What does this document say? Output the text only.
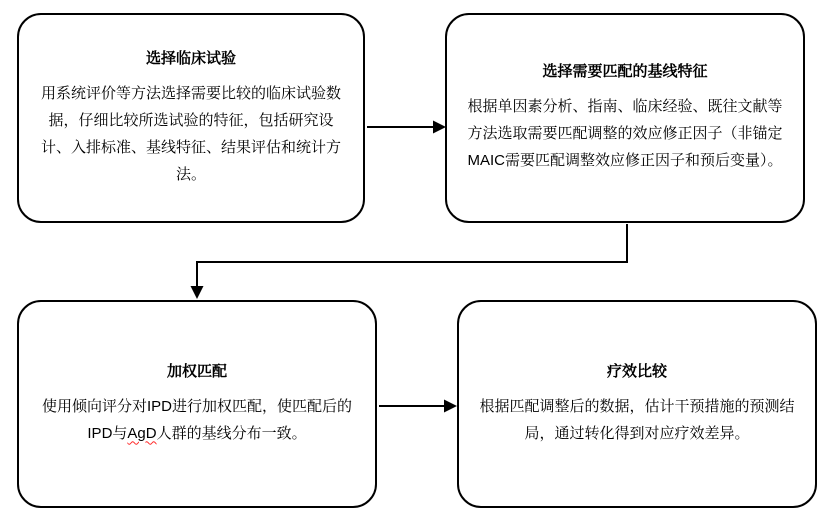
选择临床试验
用系统评价等方法选择需要比较的临床试验数据，仔细比较所选试验的特征，包括研究设计、入排标准、基线特征、结果评估和统计方法。
选择需要匹配的基线特征
根据单因素分析、指南、临床经验、既往文献等方法选取需要匹配调整的效应修正因子（非锚定MAIC需要匹配调整效应修正因子和预后变量）。
加权匹配
使用倾向评分对IPD进行加权匹配，使匹配后的IPD与AgD人群的基线分布一致。
疗效比较
根据匹配调整后的数据，估计干预措施的预测结局，通过转化得到对应疗效差异。
